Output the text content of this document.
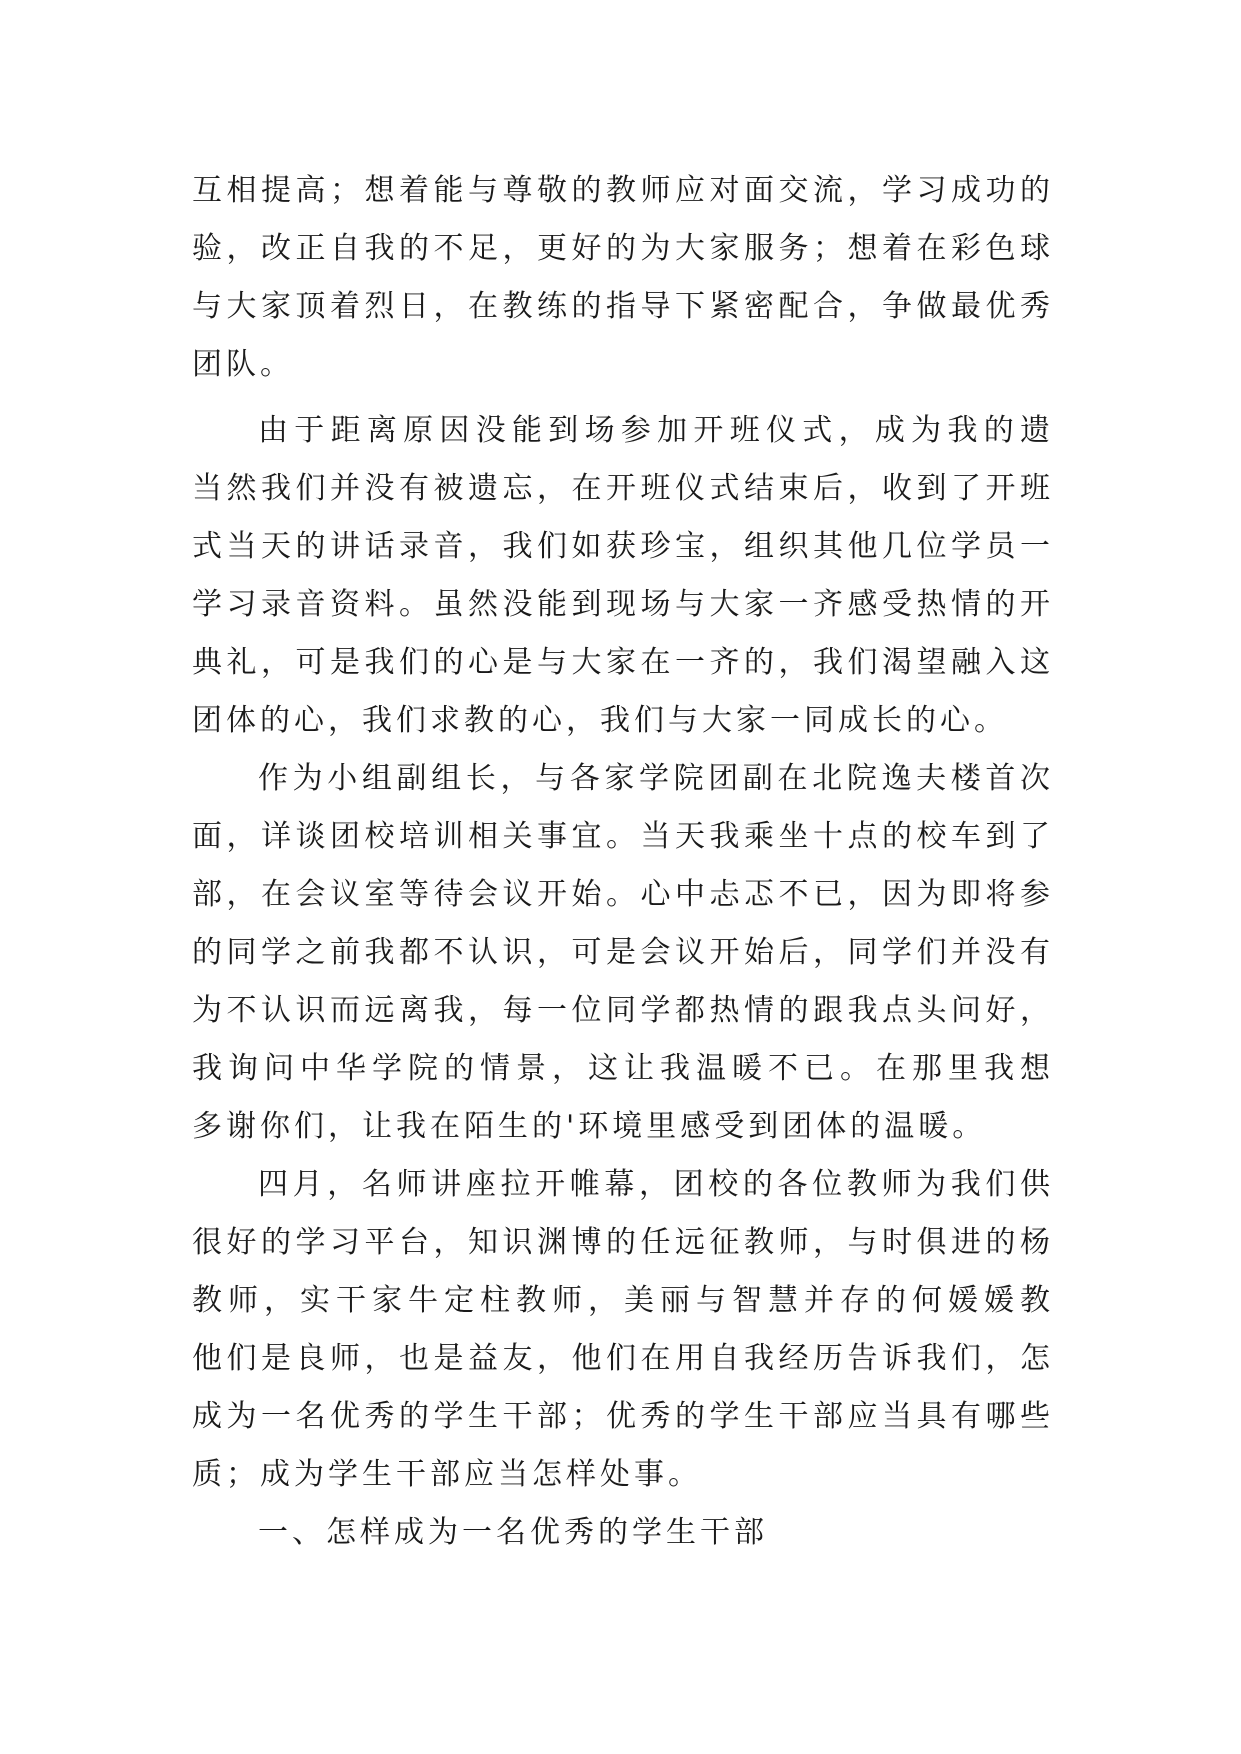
互相提高；想着能与尊敬的教师应对面交流，学习成功的
验，改正自我的不足，更好的为大家服务；想着在彩色球
与大家顶着烈日，在教练的指导下紧密配合，争做最优秀
团队。
由于距离原因没能到场参加开班仪式，成为我的遗
当然我们并没有被遗忘，在开班仪式结束后，收到了开班
式当天的讲话录音，我们如获珍宝，组织其他几位学员一
学习录音资料。虽然没能到现场与大家一齐感受热情的开
典礼，可是我们的心是与大家在一齐的，我们渴望融入这
团体的心，我们求教的心，我们与大家一同成长的心。
作为小组副组长，与各家学院团副在北院逸夫楼首次
面，详谈团校培训相关事宜。当天我乘坐十点的校车到了
部，在会议室等待会议开始。心中忐忑不已，因为即将参
的同学之前我都不认识，可是会议开始后，同学们并没有
为不认识而远离我，每一位同学都热情的跟我点头问好，
我询问中华学院的情景，这让我温暖不已。在那里我想
多谢你们，让我在陌生的'环境里感受到团体的温暖。
四月，名师讲座拉开帷幕，团校的各位教师为我们供
很好的学习平台，知识渊博的任远征教师，与时俱进的杨
教师，实干家牛定柱教师，美丽与智慧并存的何媛媛教
他们是良师，也是益友，他们在用自我经历告诉我们，怎
成为一名优秀的学生干部；优秀的学生干部应当具有哪些
质；成为学生干部应当怎样处事。
一、怎样成为一名优秀的学生干部
